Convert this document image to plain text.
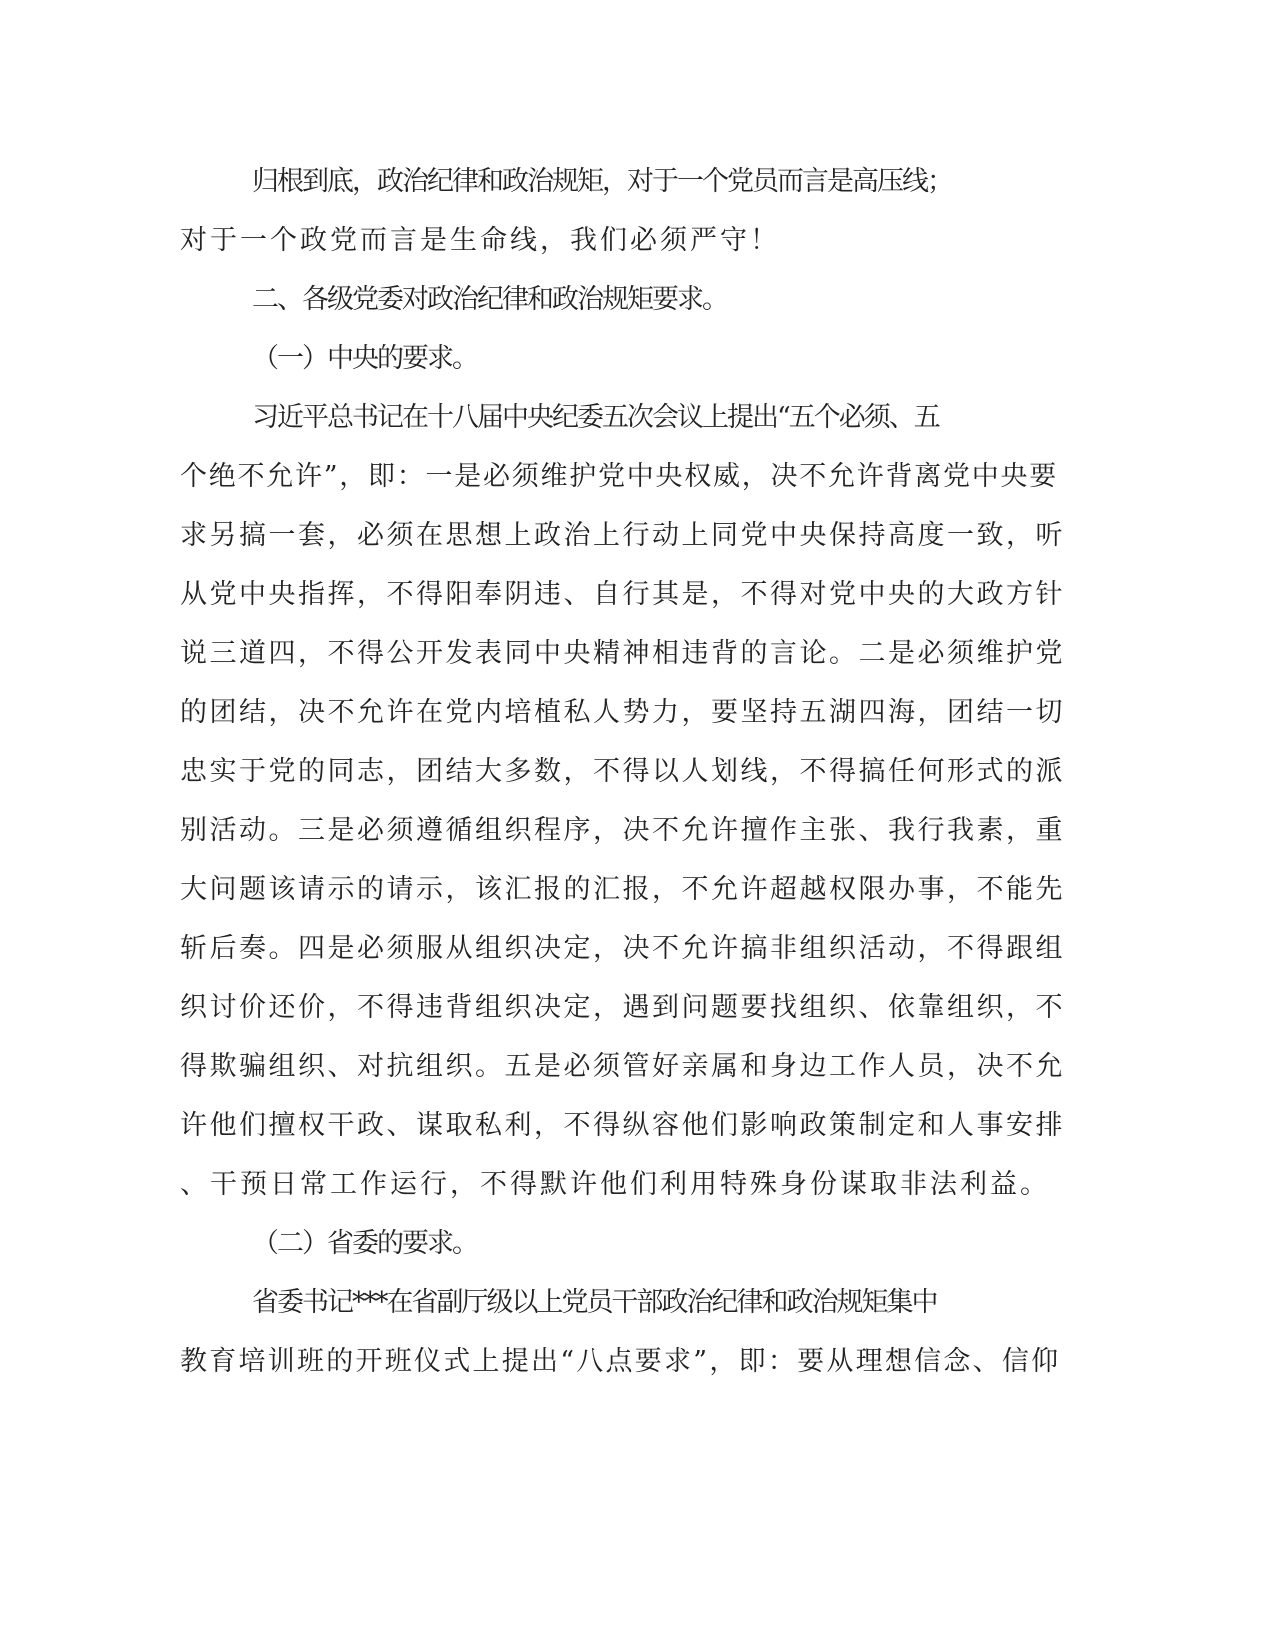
归根到底，政治纪律和政治规矩，对于一个党员而言是高压线；
对于一个政党而言是生命线，我们必须严守！
二、各级党委对政治纪律和政治规矩要求。
（一）中央的要求。
习近平总书记在十八届中央纪委五次会议上提出“五个必须、五
个绝不允许”，即：一是必须维护党中央权威，决不允许背离党中央要
求另搞一套，必须在思想上政治上行动上同党中央保持高度一致，听
从党中央指挥，不得阳奉阴违、自行其是，不得对党中央的大政方针
说三道四，不得公开发表同中央精神相违背的言论。二是必须维护党
的团结，决不允许在党内培植私人势力，要坚持五湖四海，团结一切
忠实于党的同志，团结大多数，不得以人划线，不得搞任何形式的派
别活动。三是必须遵循组织程序，决不允许擅作主张、我行我素，重
大问题该请示的请示，该汇报的汇报，不允许超越权限办事，不能先
斩后奏。四是必须服从组织决定，决不允许搞非组织活动，不得跟组
织讨价还价，不得违背组织决定，遇到问题要找组织、依靠组织，不
得欺骗组织、对抗组织。五是必须管好亲属和身边工作人员，决不允
许他们擅权干政、谋取私利，不得纵容他们影响政策制定和人事安排
、干预日常工作运行，不得默许他们利用特殊身份谋取非法利益。
（二）省委的要求。
省委书记***在省副厅级以上党员干部政治纪律和政治规矩集中
教育培训班的开班仪式上提出“八点要求”，即：要从理想信念、信仰
